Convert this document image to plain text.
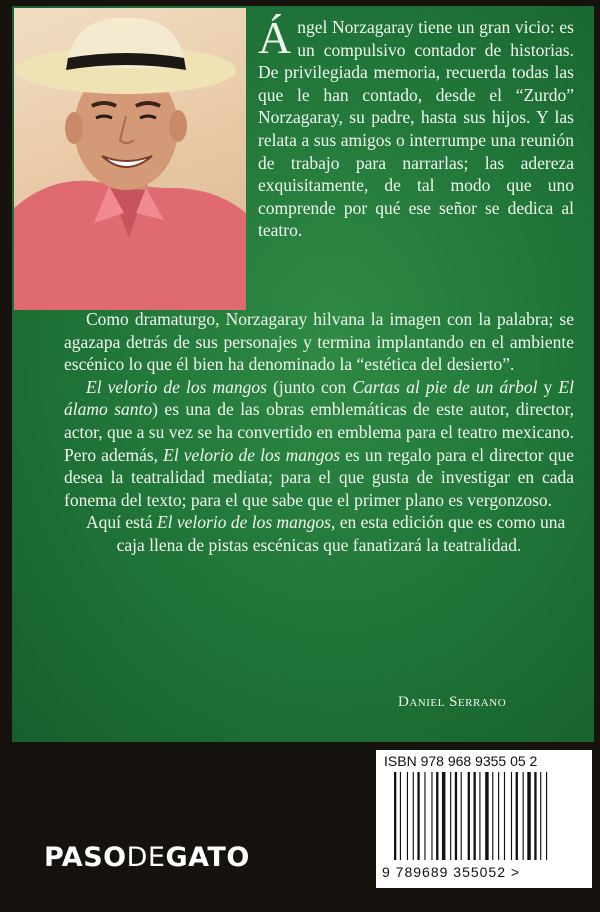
Ángel Norzagaray tiene un gran vicio: es un compulsivo contador de historias. De privilegiada memoria, recuerda todas las que le han contado, desde el “Zurdo” Norzagaray, su padre, hasta sus hijos. Y las relata a sus amigos o interrumpe una reunión de trabajo para narrarlas; las adereza exquisitamente, de tal modo que uno comprende por qué ese señor se dedica al teatro.

Como dramaturgo, Norzagaray hilvana la imagen con la palabra; se agazapa detrás de sus personajes y termina implantando en el ambiente escénico lo que él bien ha denominado la “estética del desierto”.

El velorio de los mangos (junto con Cartas al pie de un árbol y El álamo santo) es una de las obras emblemáticas de este autor, director, actor, que a su vez se ha convertido en emblema para el teatro mexicano. Pero además, El velorio de los mangos es un regalo para el director que desea la teatralidad mediata; para el que gusta de investigar en cada fonema del texto; para el que sabe que el primer plano es vergonzoso.

Aquí está El velorio de los mangos, en esta edición que es como una caja llena de pistas escénicas que fanatizará la teatralidad.

Daniel Serrano
ISBN 978 968 9355 05 2
9 789689 355052 >
PASODEGATO
